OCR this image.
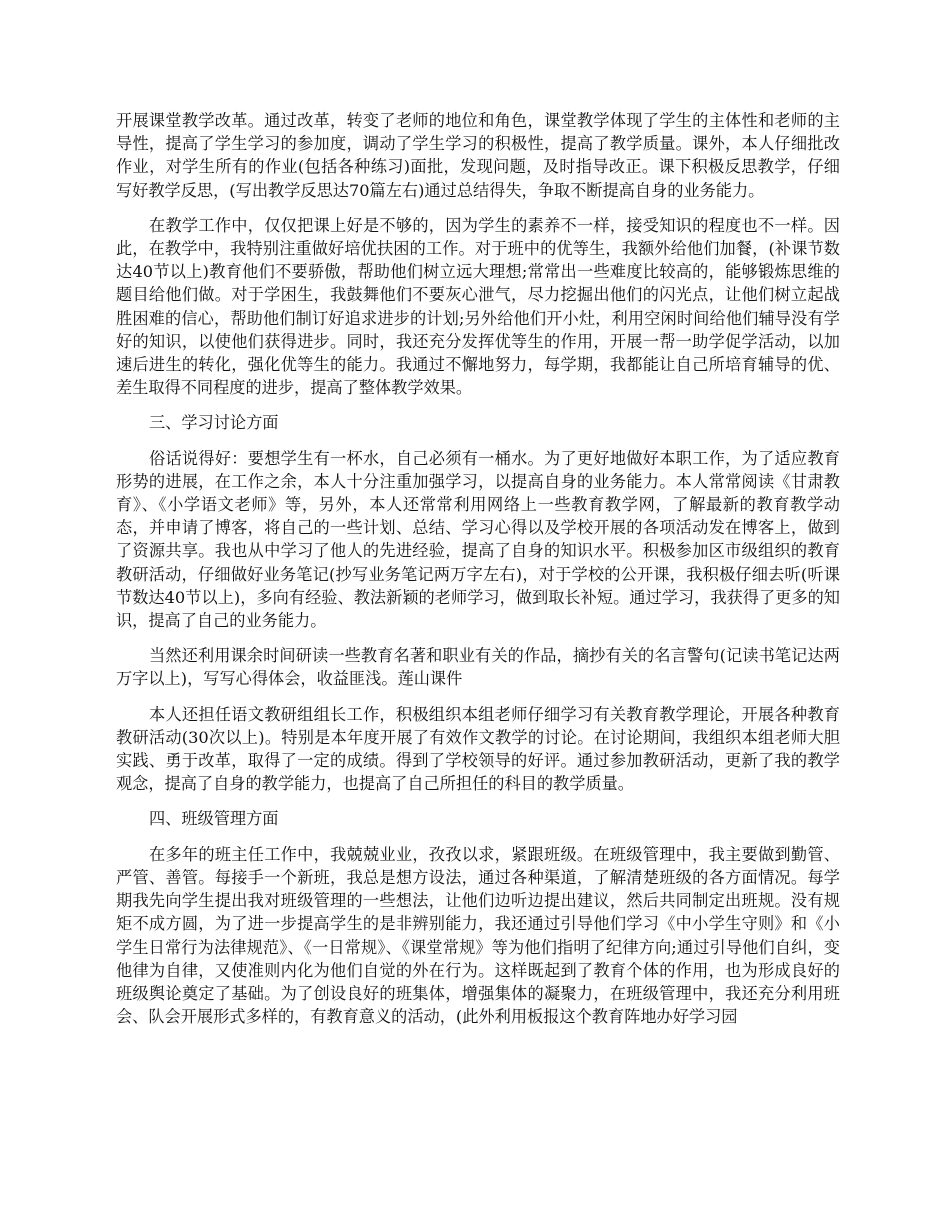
开展课堂教学改革。通过改革，转变了老师的地位和角色，课堂教学体现了学生的主体性和老师的主导性，提高了学生学习的参加度，调动了学生学习的积极性，提高了教学质量。课外，本人仔细批改作业，对学生所有的作业(包括各种练习)面批，发现问题，及时指导改正。课下积极反思教学，仔细写好教学反思，(写出教学反思达70篇左右)通过总结得失，争取不断提高自身的业务能力。

在教学工作中，仅仅把课上好是不够的，因为学生的素养不一样，接受知识的程度也不一样。因此，在教学中，我特别注重做好培优扶困的工作。对于班中的优等生，我额外给他们加餐，(补课节数达40节以上)教育他们不要骄傲，帮助他们树立远大理想;常常出一些难度比较高的，能够锻炼思维的题目给他们做。对于学困生，我鼓舞他们不要灰心泄气，尽力挖掘出他们的闪光点，让他们树立起战胜困难的信心，帮助他们制订好追求进步的计划;另外给他们开小灶，利用空闲时间给他们辅导没有学好的知识，以使他们获得进步。同时，我还充分发挥优等生的作用，开展一帮一助学促学活动，以加速后进生的转化，强化优等生的能力。我通过不懈地努力，每学期，我都能让自己所培育辅导的优、差生取得不同程度的进步，提高了整体教学效果。

三、学习讨论方面

俗话说得好：要想学生有一杯水，自己必须有一桶水。为了更好地做好本职工作，为了适应教育形势的进展，在工作之余，本人十分注重加强学习，以提高自身的业务能力。本人常常阅读《甘肃教育》、《小学语文老师》等，另外，本人还常常利用网络上一些教育教学网，了解最新的教育教学动态，并申请了博客，将自己的一些计划、总结、学习心得以及学校开展的各项活动发在博客上，做到了资源共享。我也从中学习了他人的先进经验，提高了自身的知识水平。积极参加区市级组织的教育教研活动，仔细做好业务笔记(抄写业务笔记两万字左右)，对于学校的公开课，我积极仔细去听(听课节数达40节以上)，多向有经验、教法新颖的老师学习，做到取长补短。通过学习，我获得了更多的知识，提高了自己的业务能力。

当然还利用课余时间研读一些教育名著和职业有关的作品，摘抄有关的名言警句(记读书笔记达两万字以上)，写写心得体会，收益匪浅。莲山课件

本人还担任语文教研组组长工作，积极组织本组老师仔细学习有关教育教学理论，开展各种教育教研活动(30次以上)。特别是本年度开展了有效作文教学的讨论。在讨论期间，我组织本组老师大胆实践、勇于改革，取得了一定的成绩。得到了学校领导的好评。通过参加教研活动，更新了我的教学观念，提高了自身的教学能力，也提高了自己所担任的科目的教学质量。

四、班级管理方面

在多年的班主任工作中，我兢兢业业，孜孜以求，紧跟班级。在班级管理中，我主要做到勤管、严管、善管。每接手一个新班，我总是想方设法，通过各种渠道，了解清楚班级的各方面情况。每学期我先向学生提出我对班级管理的一些想法，让他们边听边提出建议，然后共同制定出班规。没有规矩不成方圆，为了进一步提高学生的是非辨别能力，我还通过引导他们学习《中小学生守则》和《小学生日常行为法律规范》、《一日常规》、《课堂常规》等为他们指明了纪律方向;通过引导他们自纠，变他律为自律，又使准则内化为他们自觉的外在行为。这样既起到了教育个体的作用，也为形成良好的班级舆论奠定了基础。为了创设良好的班集体，增强集体的凝聚力，在班级管理中，我还充分利用班会、队会开展形式多样的，有教育意义的活动，(此外利用板报这个教育阵地办好学习园
